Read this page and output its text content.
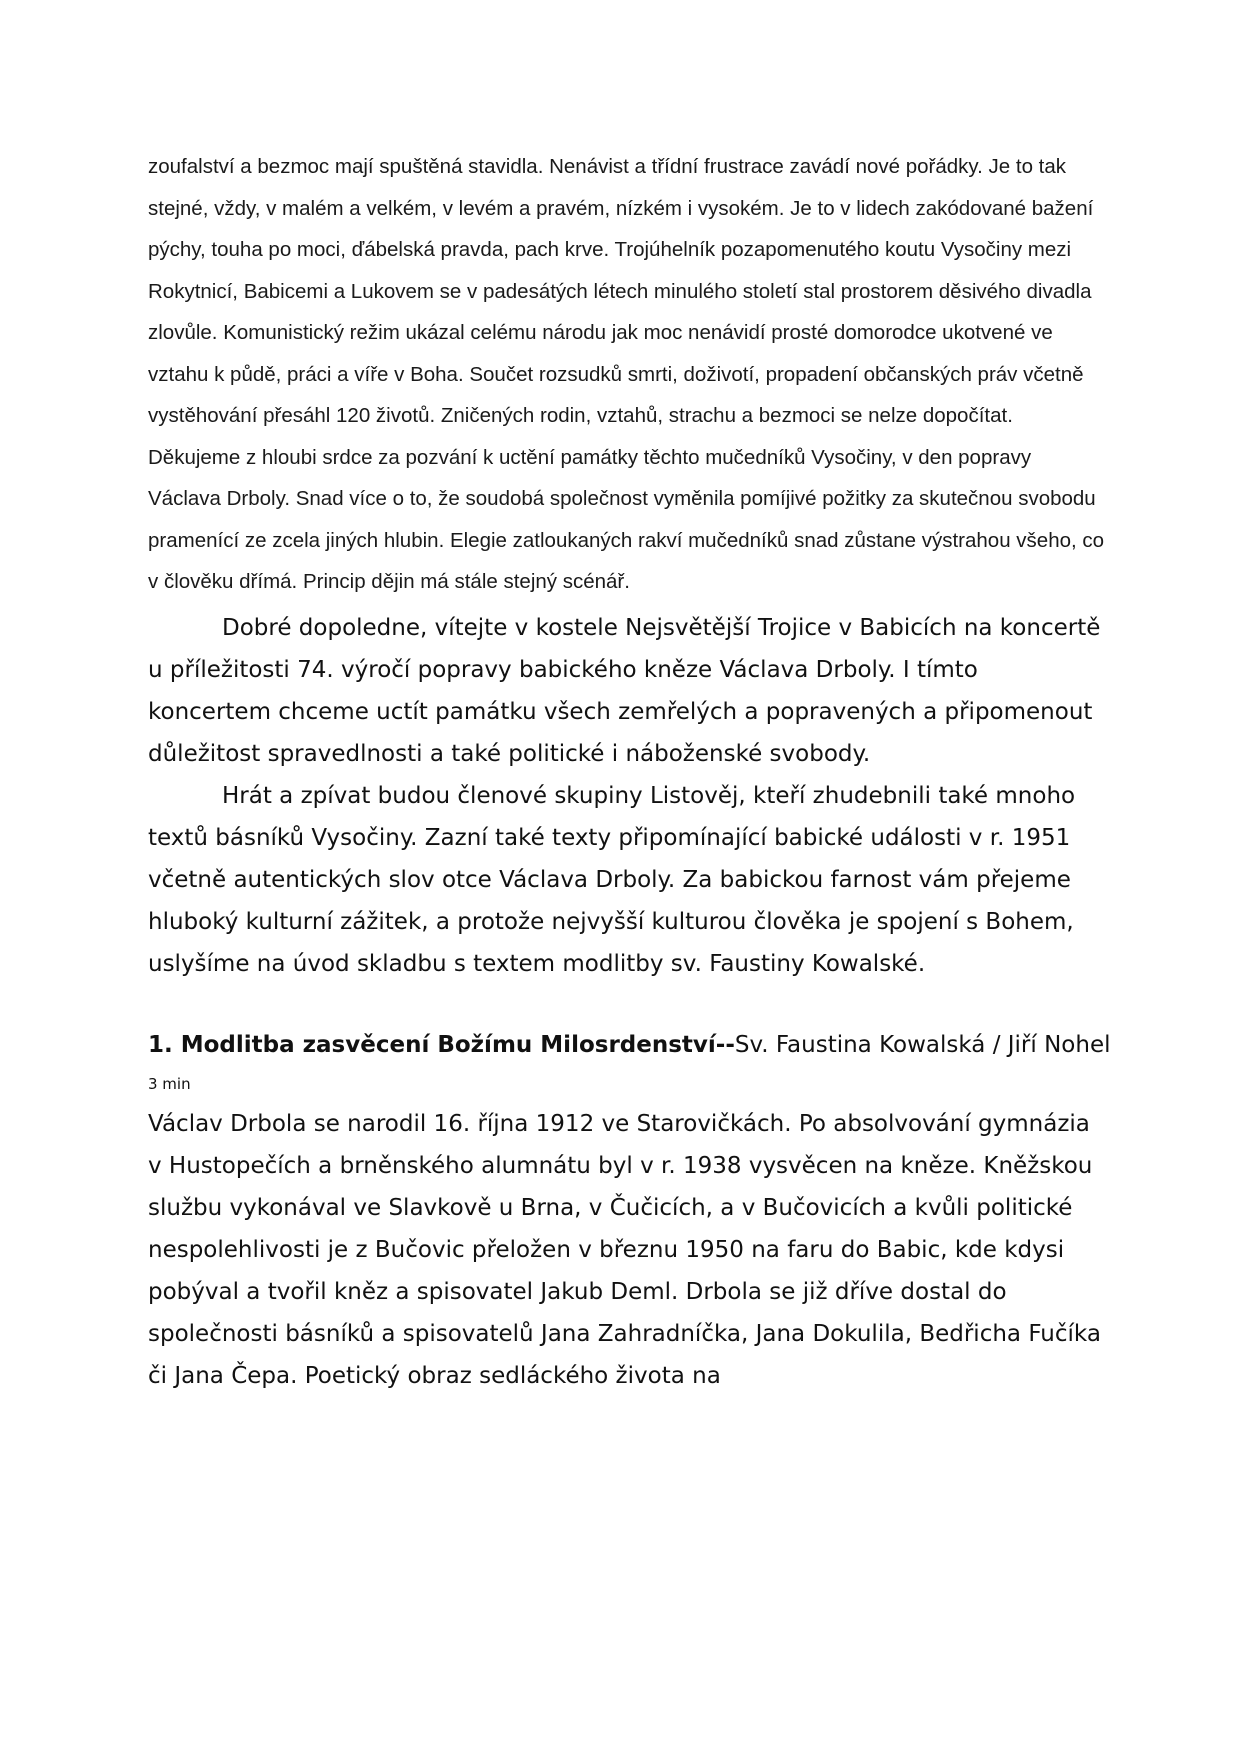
zoufalství a bezmoc mají spuštěná stavidla. Nenávist a třídní frustrace zavádí nové pořádky. Je to tak stejné, vždy, v malém a velkém, v levém a pravém, nízkém i vysokém. Je to v lidech zakódované bažení pýchy, touha po moci, ďábelská pravda, pach krve. Trojúhelník pozapomenutého koutu Vysočiny mezi Rokytnicí, Babicemi a Lukovem se v padesátých létech minulého století stal prostorem děsivého divadla zlovůle. Komunistický režim ukázal celému národu jak moc nenávidí prosté domorodce ukotvené ve vztahu k půdě, práci a víře v Boha. Součet rozsudků smrti, doživotí, propadení občanských práv včetně vystěhování přesáhl 120 životů. Zničených rodin, vztahů, strachu a bezmoci se nelze dopočítat.

Děkujeme z hloubi srdce za pozvání k uctění památky těchto mučedníků Vysočiny, v den popravy Václava Drboly. Snad více o to, že soudobá společnost vyměnila pomíjivé požitky za skutečnou svobodu pramenící ze zcela jiných hlubin. Elegie zatloukaných rakví mučedníků snad zůstane výstrahou všeho, co v člověku dřímá. Princip dějin má stále stejný scénář.

Dobré dopoledne, vítejte v kostele Nejsvětější Trojice v Babicích na koncertě u příležitosti 74. výročí popravy babického kněze Václava Drboly. I tímto koncertem chceme uctít památku všech zemřelých a popravených a připomenout důležitost spravedlnosti a také politické i náboženské svobody.

Hrát a zpívat budou členové skupiny Listověj, kteří zhudebnili také mnoho textů básníků Vysočiny. Zazní také texty připomínající babické události v r. 1951 včetně autentických slov otce Václava Drboly. Za babickou farnost vám přejeme hluboký kulturní zážitek, a protože nejvyšší kulturou člověka je spojení s Bohem, uslyšíme na úvod skladbu s textem modlitby sv. Faustiny Kowalské.

1. Modlitba zasvěcení Božímu Milosrdenství--Sv. Faustina Kowalská / Jiří Nohel

3 min

Václav Drbola se narodil 16. října 1912 ve Starovičkách. Po absolvování gymnázia v Hustopečích a brněnského alumnátu byl v r. 1938 vysvěcen na kněze. Kněžskou službu vykonával ve Slavkově u Brna, v Čučicích, a v Bučovicích a kvůli politické nespolehlivosti je z Bučovic přeložen v březnu 1950 na faru do Babic, kde kdysi pobýval a tvořil kněz a spisovatel Jakub Deml. Drbola se již dříve dostal do společnosti básníků a spisovatelů Jana Zahradníčka, Jana Dokulila, Bedřicha Fučíka či Jana Čepa. Poetický obraz sedláckého života na
